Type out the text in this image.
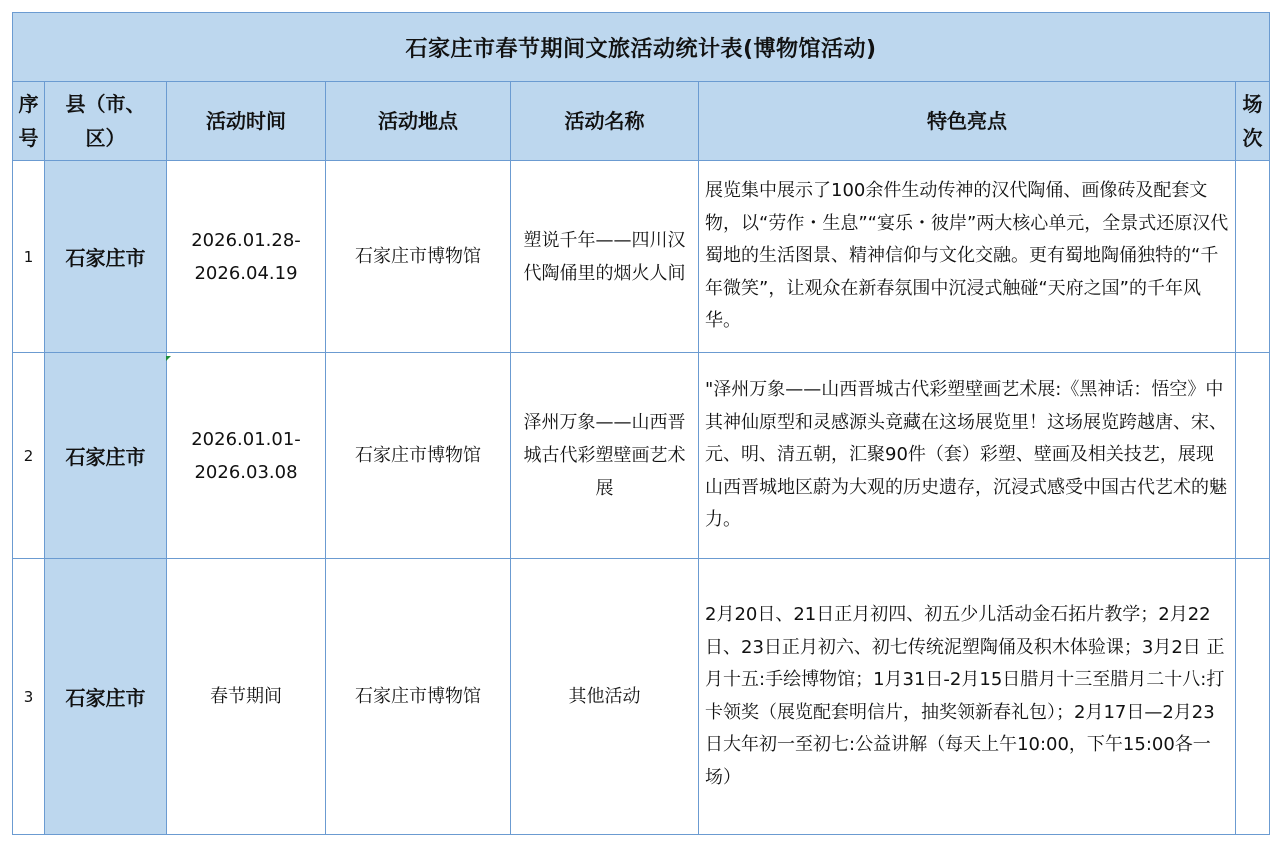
石家庄市春节期间文旅活动统计表(博物馆活动)						
序号	县（市、区）	活动时间	活动地点	活动名称	特色亮点	场次
1	石家庄市	2026.01.28-2026.04.19	石家庄市博物馆	塑说千年——四川汉代陶俑里的烟火人间	展览集中展示了100余件生动传神的汉代陶俑、画像砖及配套文物，以“劳作・生息”“宴乐・彼岸”两大核心单元，全景式还原汉代蜀地的生活图景、精神信仰与文化交融。更有蜀地陶俑独特的“千年微笑”，让观众在新春氛围中沉浸式触碰“天府之国”的千年风华。	
2	石家庄市	2026.01.01-2026.03.08	石家庄市博物馆	泽州万象——山西晋城古代彩塑壁画艺术展	"泽州万象——山西晋城古代彩塑壁画艺术展:《黑神话：悟空》中其神仙原型和灵感源头竟藏在这场展览里！这场展览跨越唐、宋、元、明、清五朝，汇聚90件（套）彩塑、壁画及相关技艺，展现山西晋城地区蔚为大观的历史遗存，沉浸式感受中国古代艺术的魅力。	
3	石家庄市	春节期间	石家庄市博物馆	其他活动	2月20日、21日正月初四、初五少儿活动金石拓片教学；2月22日、23日正月初六、初七传统泥塑陶俑及积木体验课；3月2日 正月十五:手绘博物馆；1月31日-2月15日腊月十三至腊月二十八:打卡领奖（展览配套明信片，抽奖领新春礼包）；2月17日—2月23日大年初一至初七:公益讲解（每天上午10:00，下午15:00各一场）	
